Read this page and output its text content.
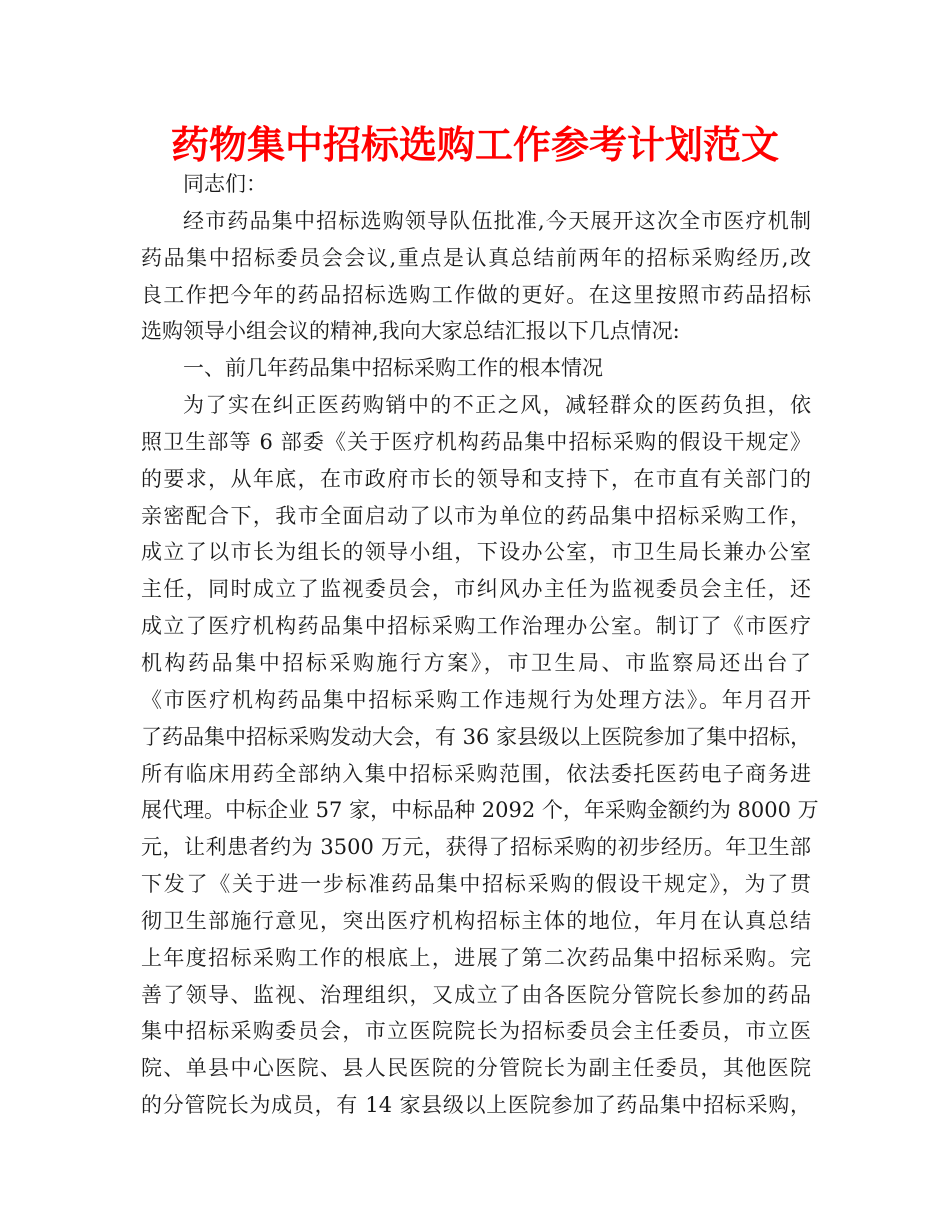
药物集中招标选购工作参考计划范文
同志们：
经市药品集中招标选购领导队伍批准,今天展开这次全市医疗机制
药品集中招标委员会会议,重点是认真总结前两年的招标采购经历,改
良工作把今年的药品招标选购工作做的更好。在这里按照市药品招标
选购领导小组会议的精神,我向大家总结汇报以下几点情况:
一、前几年药品集中招标采购工作的根本情况
为了实在纠正医药购销中的不正之风，减轻群众的医药负担，依
照卫生部等 6 部委《关于医疗机构药品集中招标采购的假设干规定》
的要求，从年底，在市政府市长的领导和支持下，在市直有关部门的
亲密配合下，我市全面启动了以市为单位的药品集中招标采购工作，
成立了以市长为组长的领导小组，下设办公室，市卫生局长兼办公室
主任，同时成立了监视委员会，市纠风办主任为监视委员会主任，还
成立了医疗机构药品集中招标采购工作治理办公室。制订了《市医疗
机构药品集中招标采购施行方案》，市卫生局、市监察局还出台了
《市医疗机构药品集中招标采购工作违规行为处理方法》。年月召开
了药品集中招标采购发动大会，有 36 家县级以上医院参加了集中招标，
所有临床用药全部纳入集中招标采购范围，依法委托医药电子商务进
展代理。中标企业 57 家，中标品种 2092 个，年采购金额约为 8000 万
元，让利患者约为 3500 万元，获得了招标采购的初步经历。年卫生部
下发了《关于进一步标准药品集中招标采购的假设干规定》，为了贯
彻卫生部施行意见，突出医疗机构招标主体的地位，年月在认真总结
上年度招标采购工作的根底上，进展了第二次药品集中招标采购。完
善了领导、监视、治理组织，又成立了由各医院分管院长参加的药品
集中招标采购委员会，市立医院院长为招标委员会主任委员，市立医
院、单县中心医院、县人民医院的分管院长为副主任委员，其他医院
的分管院长为成员，有 14 家县级以上医院参加了药品集中招标采购，
